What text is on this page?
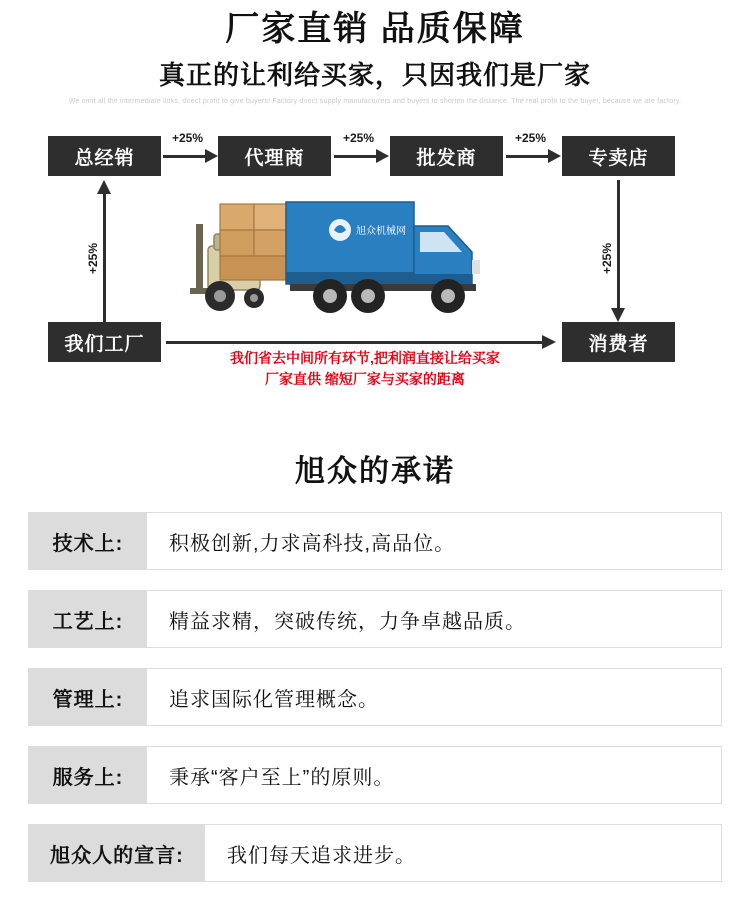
厂家直销 品质保障
真正的让利给买家，只因我们是厂家
We omit all the intermediate links, direct profit to give buyers! Factory direct supply manufacturers and buyers to shorten the distance. The real profit to the buyer, because we are factory.
旭众机械网
总经销	代理商	批发商	专卖店
+25%	+25%	+25%
+25%	+25%
我们工厂	消费者
我们省去中间所有环节,把利润直接让给买家
厂家直供 缩短厂家与买家的距离
旭众的承诺
技术上:	积极创新,力求高科技,高品位。
工艺上:	精益求精，突破传统，力争卓越品质。
管理上:	追求国际化管理概念。
服务上:	秉承“客户至上”的原则。
旭众人的宣言:	我们每天追求进步。
